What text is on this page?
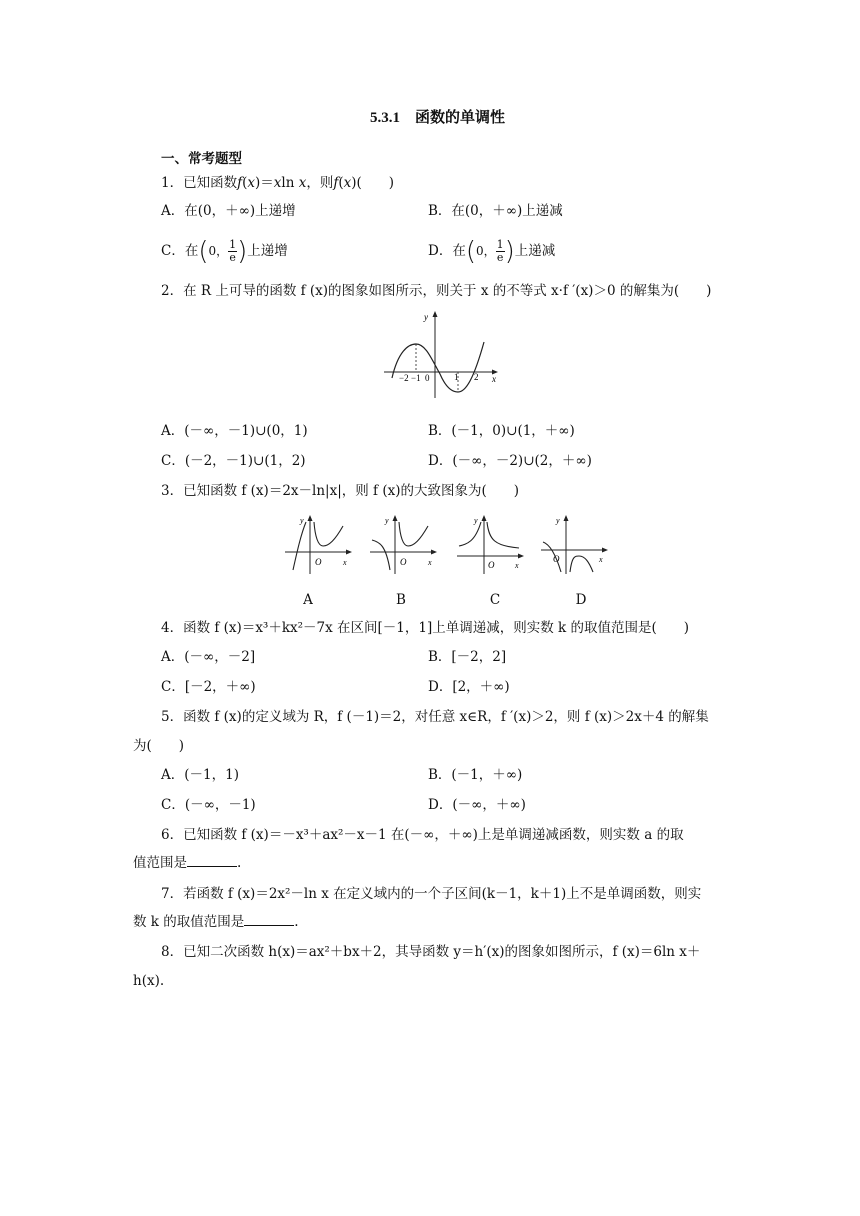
5.3.1　函数的单调性
一、常考题型
1．已知函数f(x)＝xln x，则f(x)(　　)
A．在(0，＋∞)上递增	B．在(0，＋∞)上递减
C．在(0， $\frac{1}{e}$ )上递增	D．在(0， $\frac{1}{e}$ )上递减
2．在 R 上可导的函数 f (x)的图象如图所示，则关于 x 的不等式 x·f ′(x)＞0 的解集为(　　)
y
x
−2 −1 0	1 2
A．(－∞，－1)∪(0，1)	B．(－1，0)∪(1，＋∞)
C．(－2，－1)∪(1，2)	D．(－∞，－2)∪(2，＋∞)
3．已知函数 f (x)＝2x－ln|x|，则 f (x)的大致图象为(　　)
y
O	x
y
O	x
y
O	x
y
O	x
A	B	C	D
4．函数 f (x)＝x³＋kx²－7x 在区间[－1，1]上单调递减，则实数 k 的取值范围是(　　)
A．(－∞，－2]	B．[－2，2]
C．[－2，＋∞)	D．[2，＋∞)
5．函数 f (x)的定义域为 R，f (－1)＝2，对任意 x∈R，f ′(x)＞2，则 f (x)＞2x＋4 的解集
为(　　)
A．(－1，1)	B．(－1，＋∞)
C．(－∞，－1)	D．(－∞，＋∞)
6．已知函数 f (x)＝－x³＋ax²－x－1 在(－∞，＋∞)上是单调递减函数，则实数 a 的取
值范围是	.
7．若函数 f (x)＝2x²－ln x 在定义域内的一个子区间(k－1，k＋1)上不是单调函数，则实
数 k 的取值范围是	.
8．已知二次函数 h(x)＝ax²＋bx＋2，其导函数 y＝h′(x)的图象如图所示，f (x)＝6ln x＋
h(x).
